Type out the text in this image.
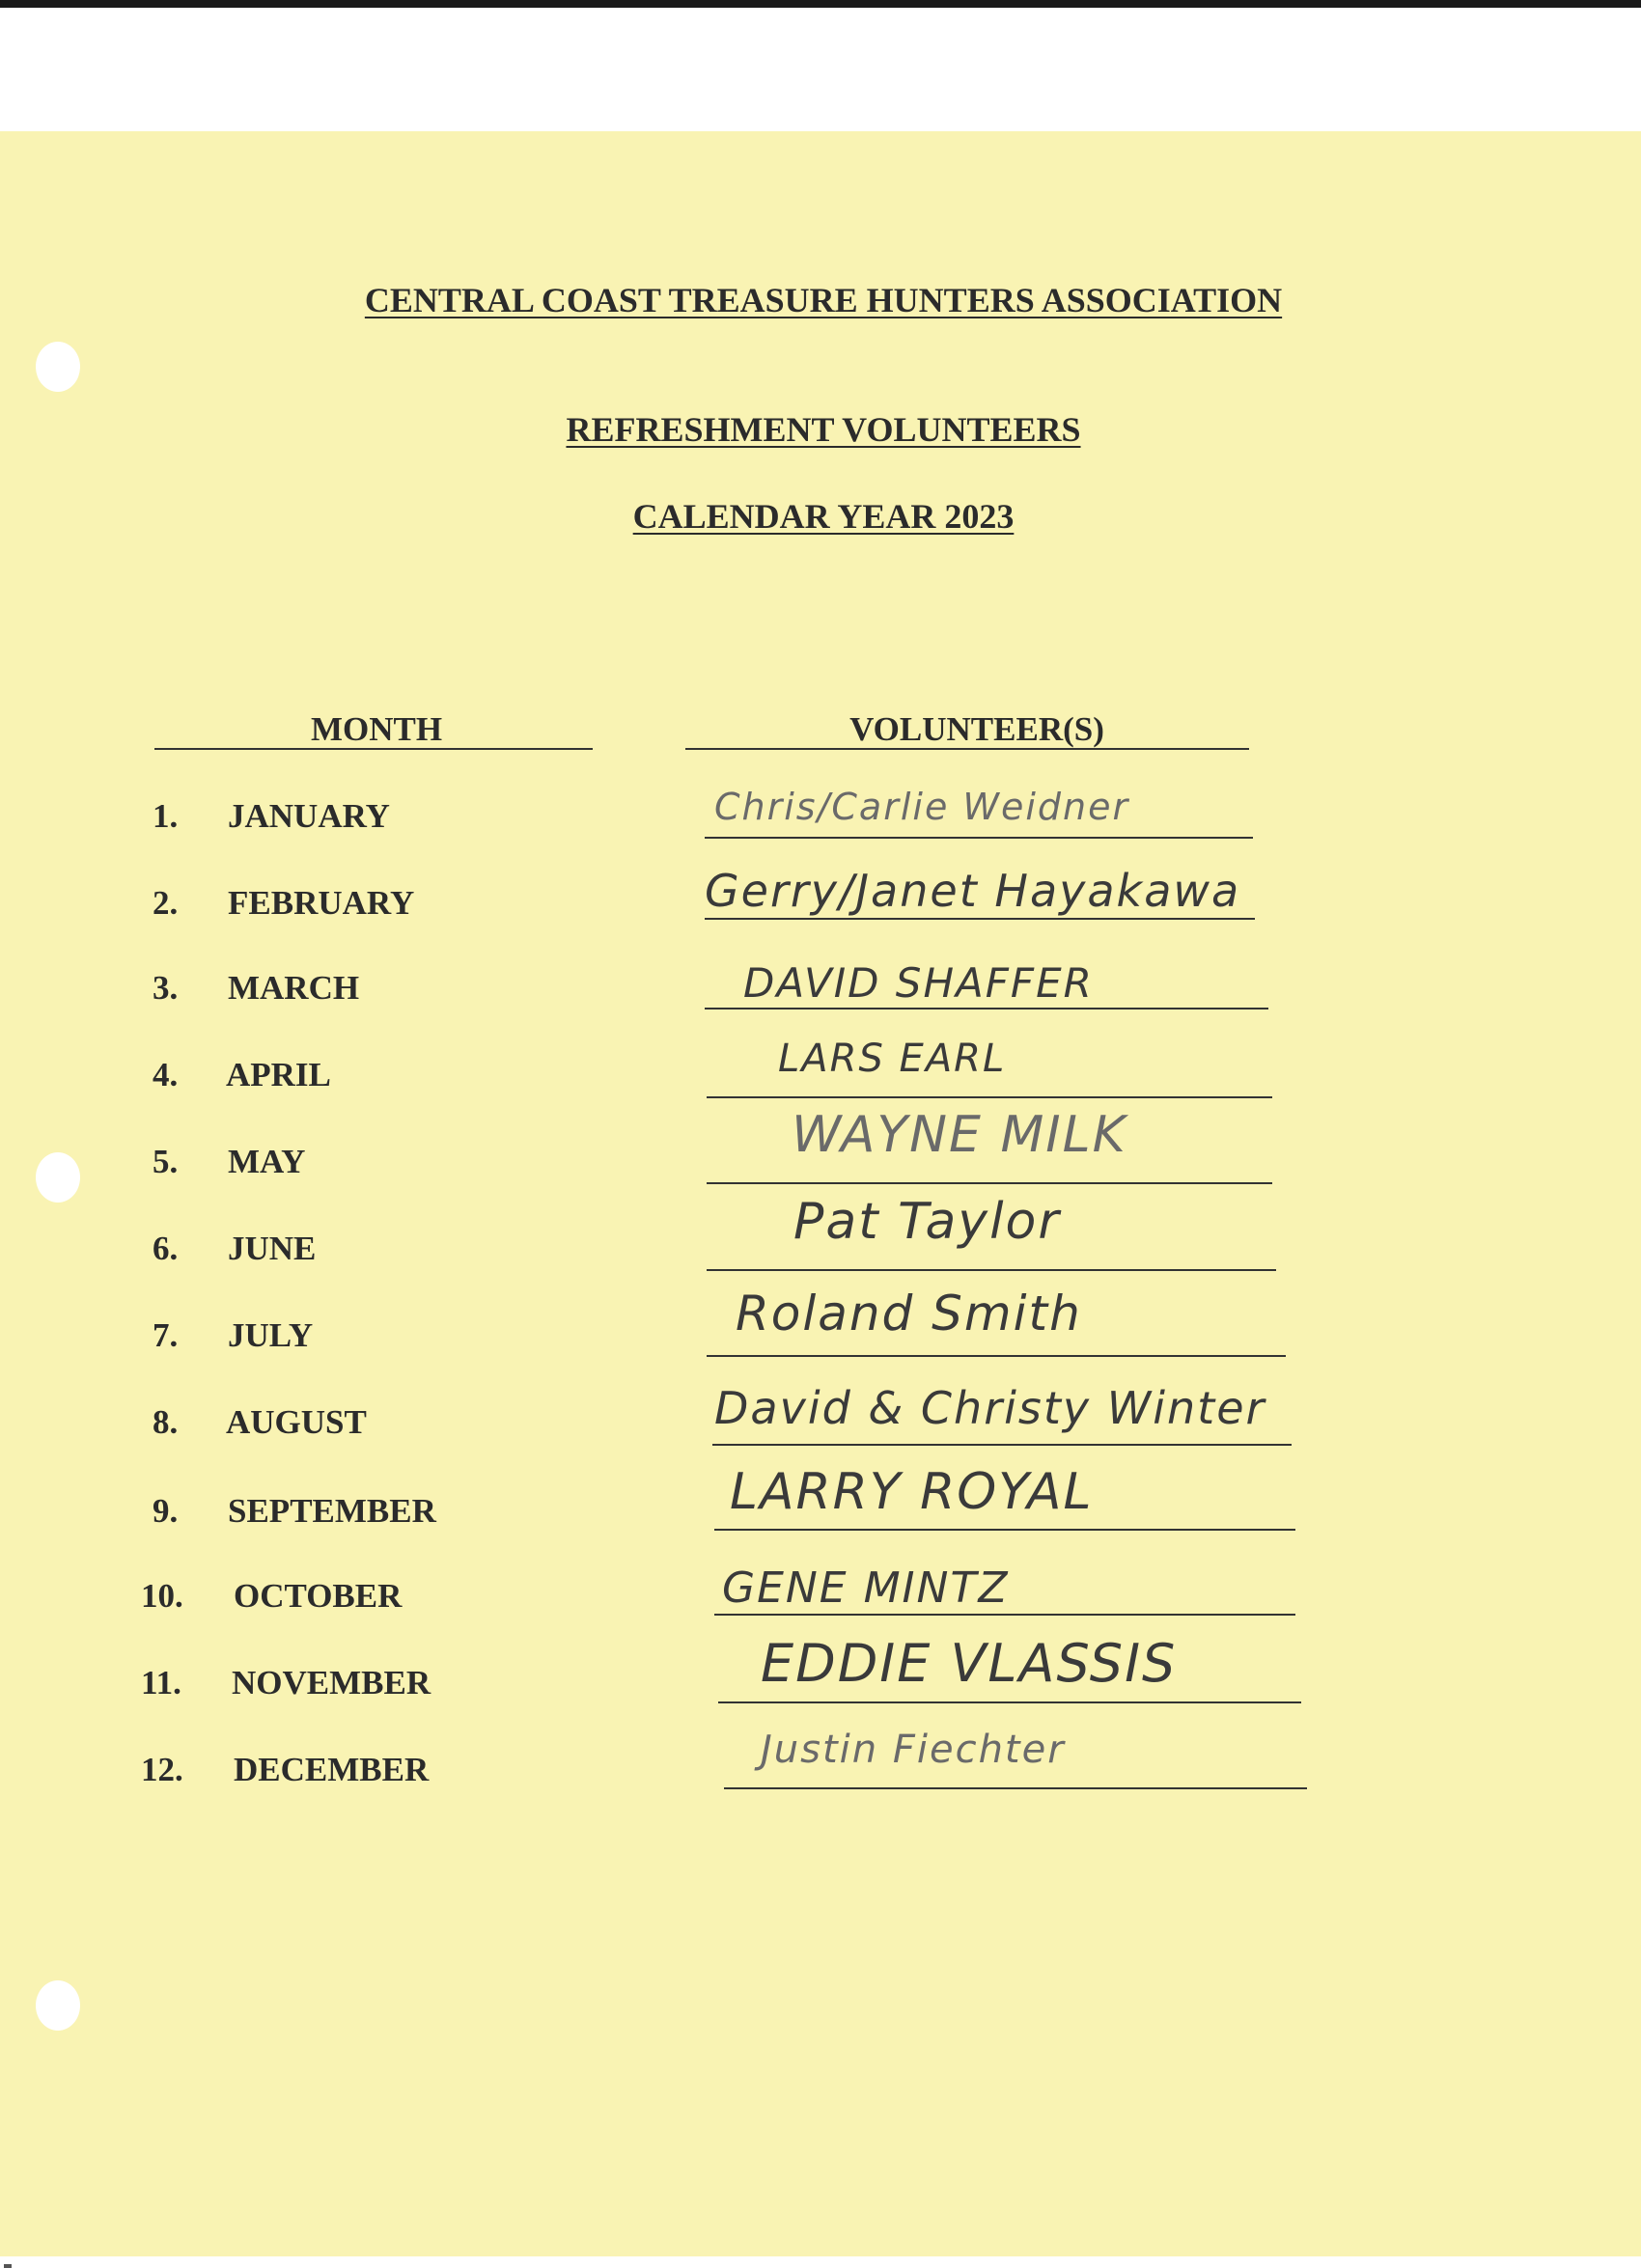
CENTRAL COAST TREASURE HUNTERS ASSOCIATION
REFRESHMENT VOLUNTEERS
CALENDAR YEAR 2023
MONTH	VOLUNTEER(S)
1. JANUARY	Chris/Carlie Weidner
2. FEBRUARY	Gerry/Janet Hayakawa
3. MARCH	DAVID SHAFFER
4. APRIL	LARS EARL
5. MAY	WAYNE MILK
6. JUNE	Pat Taylor
7. JULY	Roland Smith
8. AUGUST	David & Christy Winter
9. SEPTEMBER	LARRY ROYAL
10. OCTOBER	GENE MINTZ
11. NOVEMBER	EDDIE VLASSIS
12. DECEMBER	Justin Fiechter
